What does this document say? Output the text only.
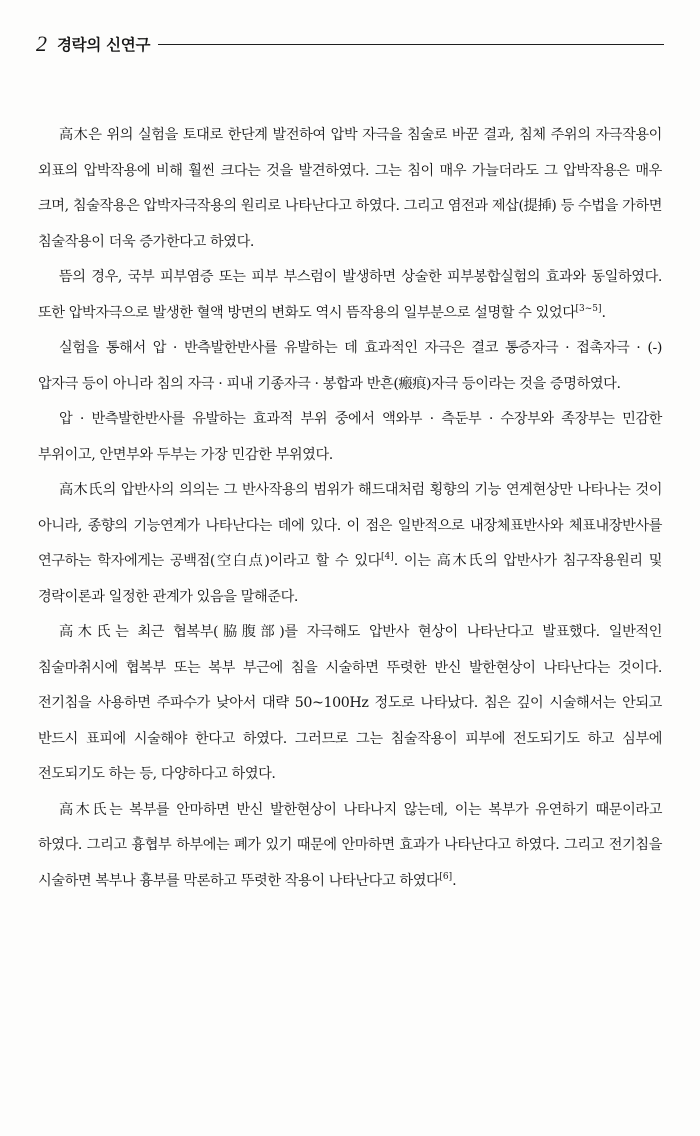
2 경락의 신연구

高木은 위의 실험을 토대로 한단계 발전하여 압박 자극을 침술로 바꾼 결과, 침체 주위의 자극작용이 외표의 압박작용에 비해 훨씬 크다는 것을 발견하였다. 그는 침이 매우 가늘더라도 그 압박작용은 매우 크며, 침술작용은 압박자극작용의 원리로 나타난다고 하였다. 그리고 염전과 제삽(提揷) 등 수법을 가하면 침술작용이 더욱 증가한다고 하였다.

뜸의 경우, 국부 피부염증 또는 피부 부스럼이 발생하면 상술한 피부봉합실험의 효과와 동일하였다. 또한 압박자극으로 발생한 혈액 방면의 변화도 역시 뜸작용의 일부분으로 설명할 수 있었다[3~5].

실험을 통해서 압 · 반측발한반사를 유발하는 데 효과적인 자극은 결코 통증자극 · 접촉자극 · (-)압자극 등이 아니라 침의 자극 · 피내 기종자극 · 봉합과 반흔(瘢痕)자극 등이라는 것을 증명하였다.

압 · 반측발한반사를 유발하는 효과적 부위 중에서 액와부 · 측둔부 · 수장부와 족장부는 민감한 부위이고, 안면부와 두부는 가장 민감한 부위였다.

高木氏의 압반사의 의의는 그 반사작용의 범위가 해드대처럼 횡향의 기능 연계현상만 나타나는 것이 아니라, 종향의 기능연계가 나타난다는 데에 있다. 이 점은 일반적으로 내장체표반사와 체표내장반사를 연구하는 학자에게는 공백점(空白点)이라고 할 수 있다[4]. 이는 高木氏의 압반사가 침구작용원리 및 경락이론과 일정한 관계가 있음을 말해준다.

高木氏는 최근 협복부(脇腹部)를 자극해도 압반사 현상이 나타난다고 발표했다. 일반적인 침술마취시에 협복부 또는 복부 부근에 침을 시술하면 뚜렷한 반신 발한현상이 나타난다는 것이다. 전기침을 사용하면 주파수가 낮아서 대략 50~100Hz 정도로 나타났다. 침은 깊이 시술해서는 안되고 반드시 표피에 시술해야 한다고 하였다. 그러므로 그는 침술작용이 피부에 전도되기도 하고 심부에 전도되기도 하는 등, 다양하다고 하였다.

高木氏는 복부를 안마하면 반신 발한현상이 나타나지 않는데, 이는 복부가 유연하기 때문이라고 하였다. 그리고 흉협부 하부에는 폐가 있기 때문에 안마하면 효과가 나타난다고 하였다. 그리고 전기침을 시술하면 복부나 흉부를 막론하고 뚜렷한 작용이 나타난다고 하였다[6].
